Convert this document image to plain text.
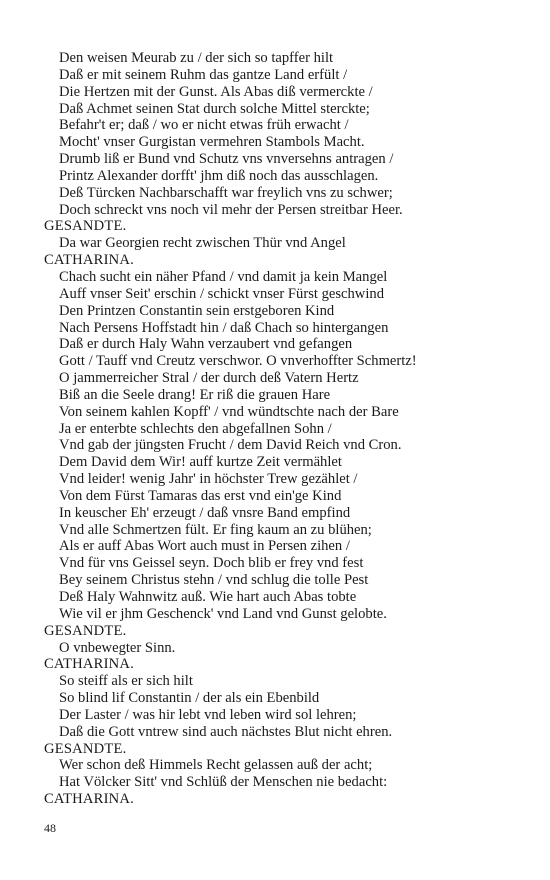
Den weisen Meurab zu / der sich so tapffer hilt
Daß er mit seinem Ruhm das gantze Land erfült /
Die Hertzen mit der Gunst. Als Abas diß vermerckte /
Daß Achmet seinen Stat durch solche Mittel sterckte;
Befahr't er; daß / wo er nicht etwas früh erwacht /
Mocht' vnser Gurgistan vermehren Stambols Macht.
Drumb liß er Bund vnd Schutz vns vnversehns antragen /
Printz Alexander dorfft' jhm diß noch das ausschlagen.
Deß Türcken Nachbarschafft war freylich vns zu schwer;
Doch schreckt vns noch vil mehr der Persen streitbar Heer.
GESANDTE.
Da war Georgien recht zwischen Thür vnd Angel
CATHARINA.
Chach sucht ein näher Pfand / vnd damit ja kein Mangel
Auff vnser Seit' erschin / schickt vnser Fürst geschwind
Den Printzen Constantin sein erstgeboren Kind
Nach Persens Hoffstadt hin / daß Chach so hintergangen
Daß er durch Haly Wahn verzaubert vnd gefangen
Gott / Tauff vnd Creutz verschwor. O vnverhoffter Schmertz!
O jammerreicher Stral / der durch deß Vatern Hertz
Biß an die Seele drang! Er riß die grauen Hare
Von seinem kahlen Kopff' / vnd wündtschte nach der Bare
Ja er enterbte schlechts den abgefallnen Sohn /
Vnd gab der jüngsten Frucht / dem David Reich vnd Cron.
Dem David dem Wir! auff kurtze Zeit vermählet
Vnd leider! wenig Jahr' in höchster Trew gezählet /
Von dem Fürst Tamaras das erst vnd ein'ge Kind
In keuscher Eh' erzeugt / daß vnsre Band empfind
Vnd alle Schmertzen fült. Er fing kaum an zu blühen;
Als er auff Abas Wort auch must in Persen zihen /
Vnd für vns Geissel seyn. Doch blib er frey vnd fest
Bey seinem Christus stehn / vnd schlug die tolle Pest
Deß Haly Wahnwitz auß. Wie hart auch Abas tobte
Wie vil er jhm Geschenck' vnd Land vnd Gunst gelobte.
GESANDTE.
O vnbewegter Sinn.
CATHARINA.
So steiff als er sich hilt
So blind lif Constantin / der als ein Ebenbild
Der Laster / was hir lebt vnd leben wird sol lehren;
Daß die Gott vntrew sind auch nächstes Blut nicht ehren.
GESANDTE.
Wer schon deß Himmels Recht gelassen auß der acht;
Hat Völcker Sitt' vnd Schlüß der Menschen nie bedacht:
CATHARINA.
48
